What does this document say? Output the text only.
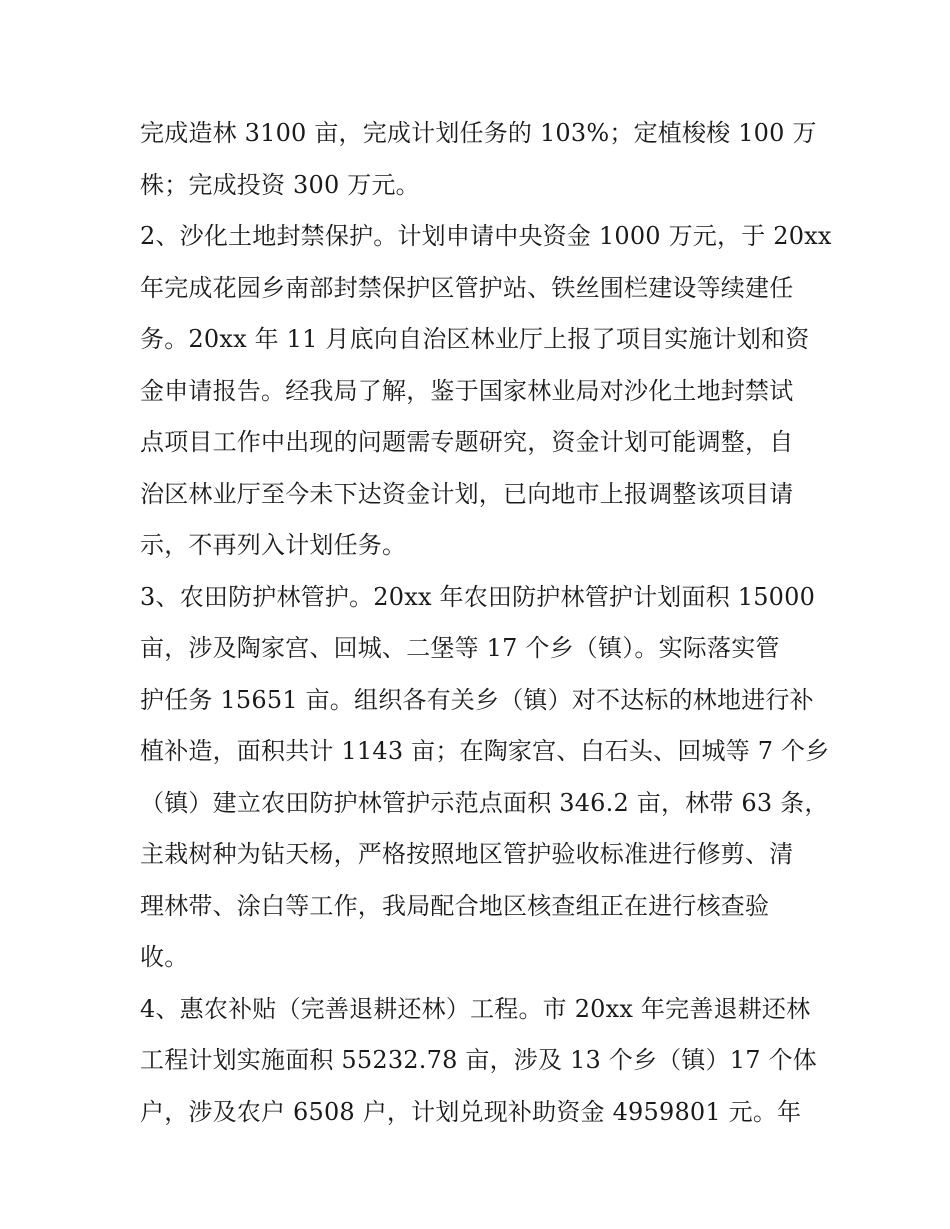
完成造林 3100 亩，完成计划任务的 103%；定植梭梭 100 万
株；完成投资 300 万元。
2、沙化土地封禁保护。计划申请中央资金 1000 万元，于 20xx
年完成花园乡南部封禁保护区管护站、铁丝围栏建设等续建任
务。20xx 年 11 月底向自治区林业厅上报了项目实施计划和资
金申请报告。经我局了解，鉴于国家林业局对沙化土地封禁试
点项目工作中出现的问题需专题研究，资金计划可能调整，自
治区林业厅至今未下达资金计划，已向地市上报调整该项目请
示，不再列入计划任务。
3、农田防护林管护。20xx 年农田防护林管护计划面积 15000
亩，涉及陶家宫、回城、二堡等 17 个乡（镇）。实际落实管
护任务 15651 亩。组织各有关乡（镇）对不达标的林地进行补
植补造，面积共计 1143 亩；在陶家宫、白石头、回城等 7 个乡
（镇）建立农田防护林管护示范点面积 346.2 亩，林带 63 条，
主栽树种为钻天杨，严格按照地区管护验收标准进行修剪、清
理林带、涂白等工作，我局配合地区核查组正在进行核查验
收。
4、惠农补贴（完善退耕还林）工程。市 20xx 年完善退耕还林
工程计划实施面积 55232.78 亩，涉及 13 个乡（镇）17 个体
户，涉及农户 6508 户，计划兑现补助资金 4959801 元。年
